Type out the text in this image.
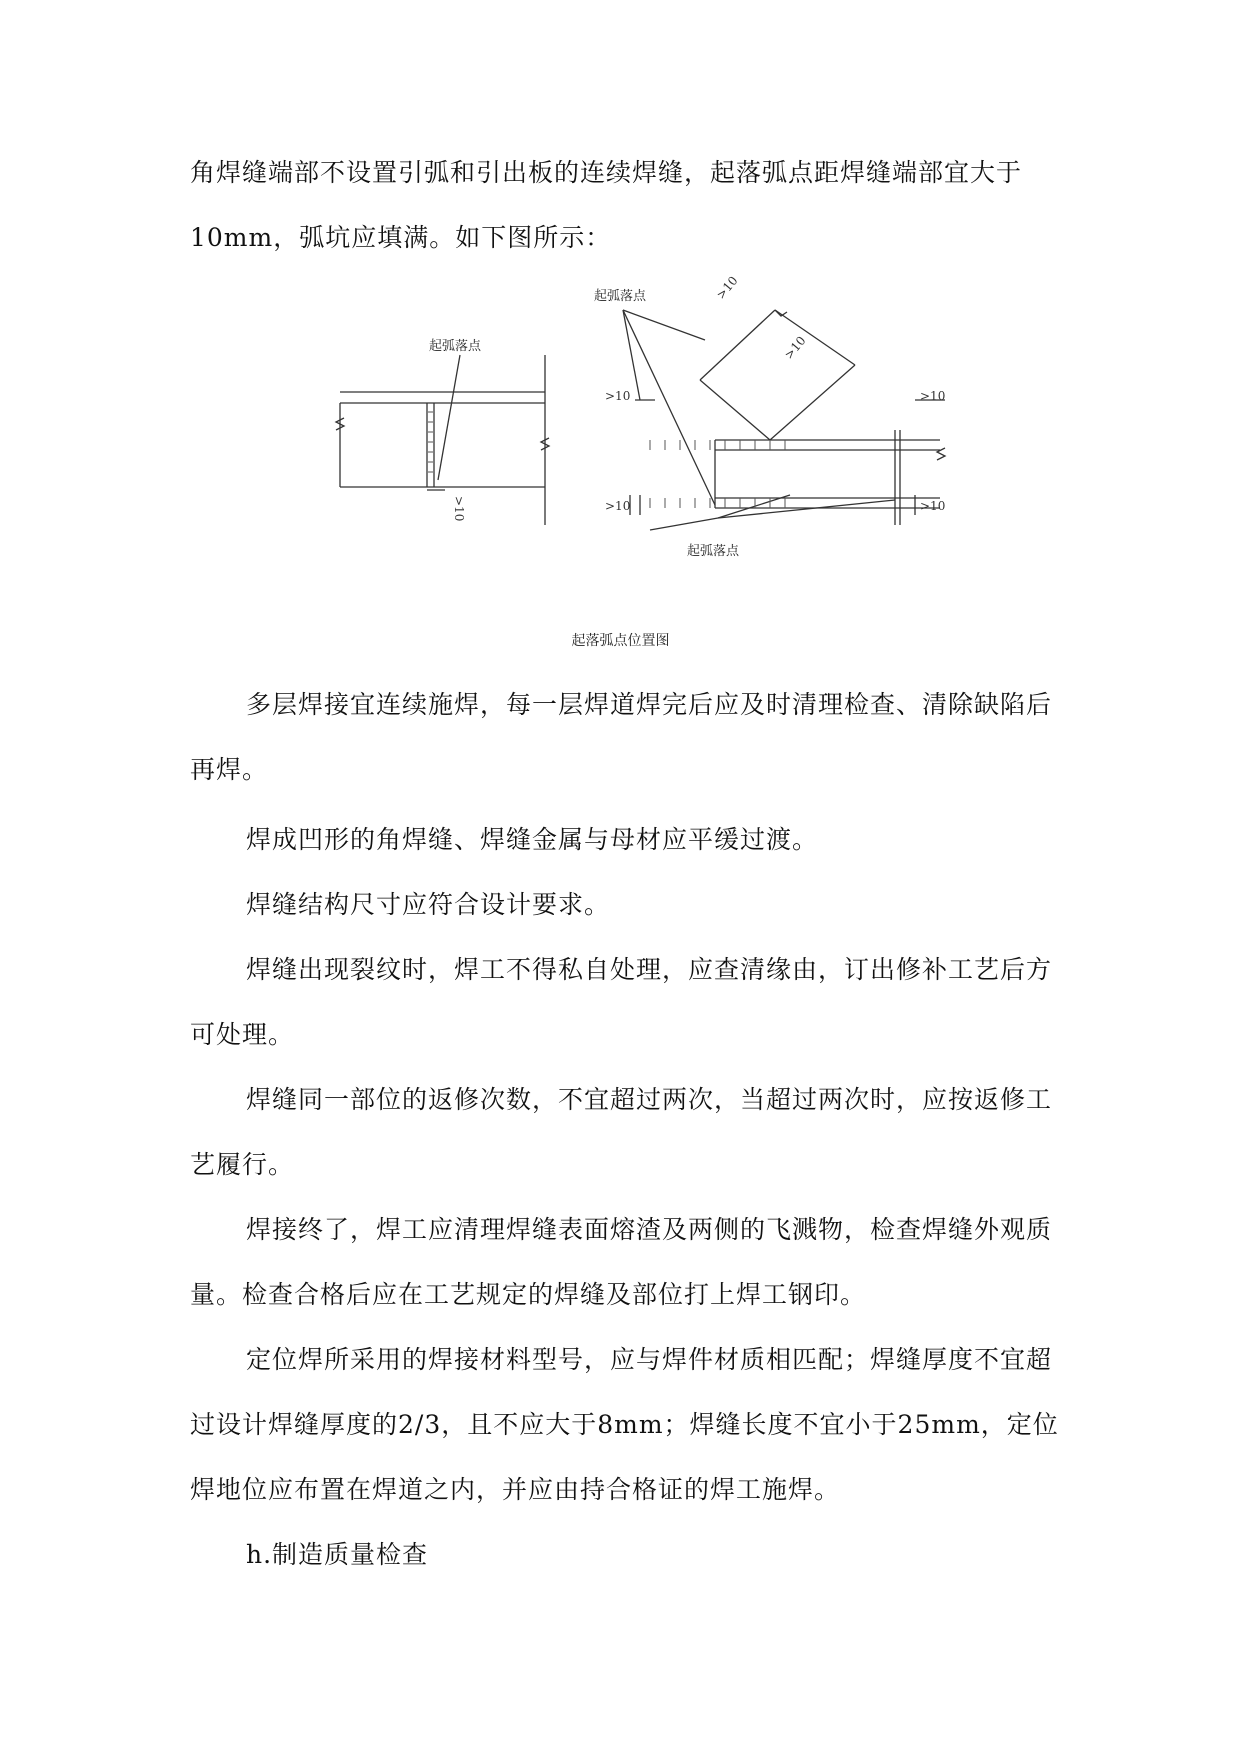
角焊缝端部不设置引弧和引出板的连续焊缝，起落弧点距焊缝端部宜大于10mm，弧坑应填满。如下图所示：

起弧落点
>10
起弧落点
起弧落点
>10
>10
>10
>10
>10
>10
起落弧点位置图

多层焊接宜连续施焊，每一层焊道焊完后应及时清理检查、清除缺陷后再焊。

焊成凹形的角焊缝、焊缝金属与母材应平缓过渡。

焊缝结构尺寸应符合设计要求。

焊缝出现裂纹时，焊工不得私自处理，应查清缘由，订出修补工艺后方可处理。

焊缝同一部位的返修次数，不宜超过两次，当超过两次时，应按返修工艺履行。

焊接终了，焊工应清理焊缝表面熔渣及两侧的飞溅物，检查焊缝外观质量。检查合格后应在工艺规定的焊缝及部位打上焊工钢印。

定位焊所采用的焊接材料型号，应与焊件材质相匹配；焊缝厚度不宜超过设计焊缝厚度的2/3，且不应大于8mm；焊缝长度不宜小于25mm，定位焊地位应布置在焊道之内，并应由持合格证的焊工施焊。

h.制造质量检查
